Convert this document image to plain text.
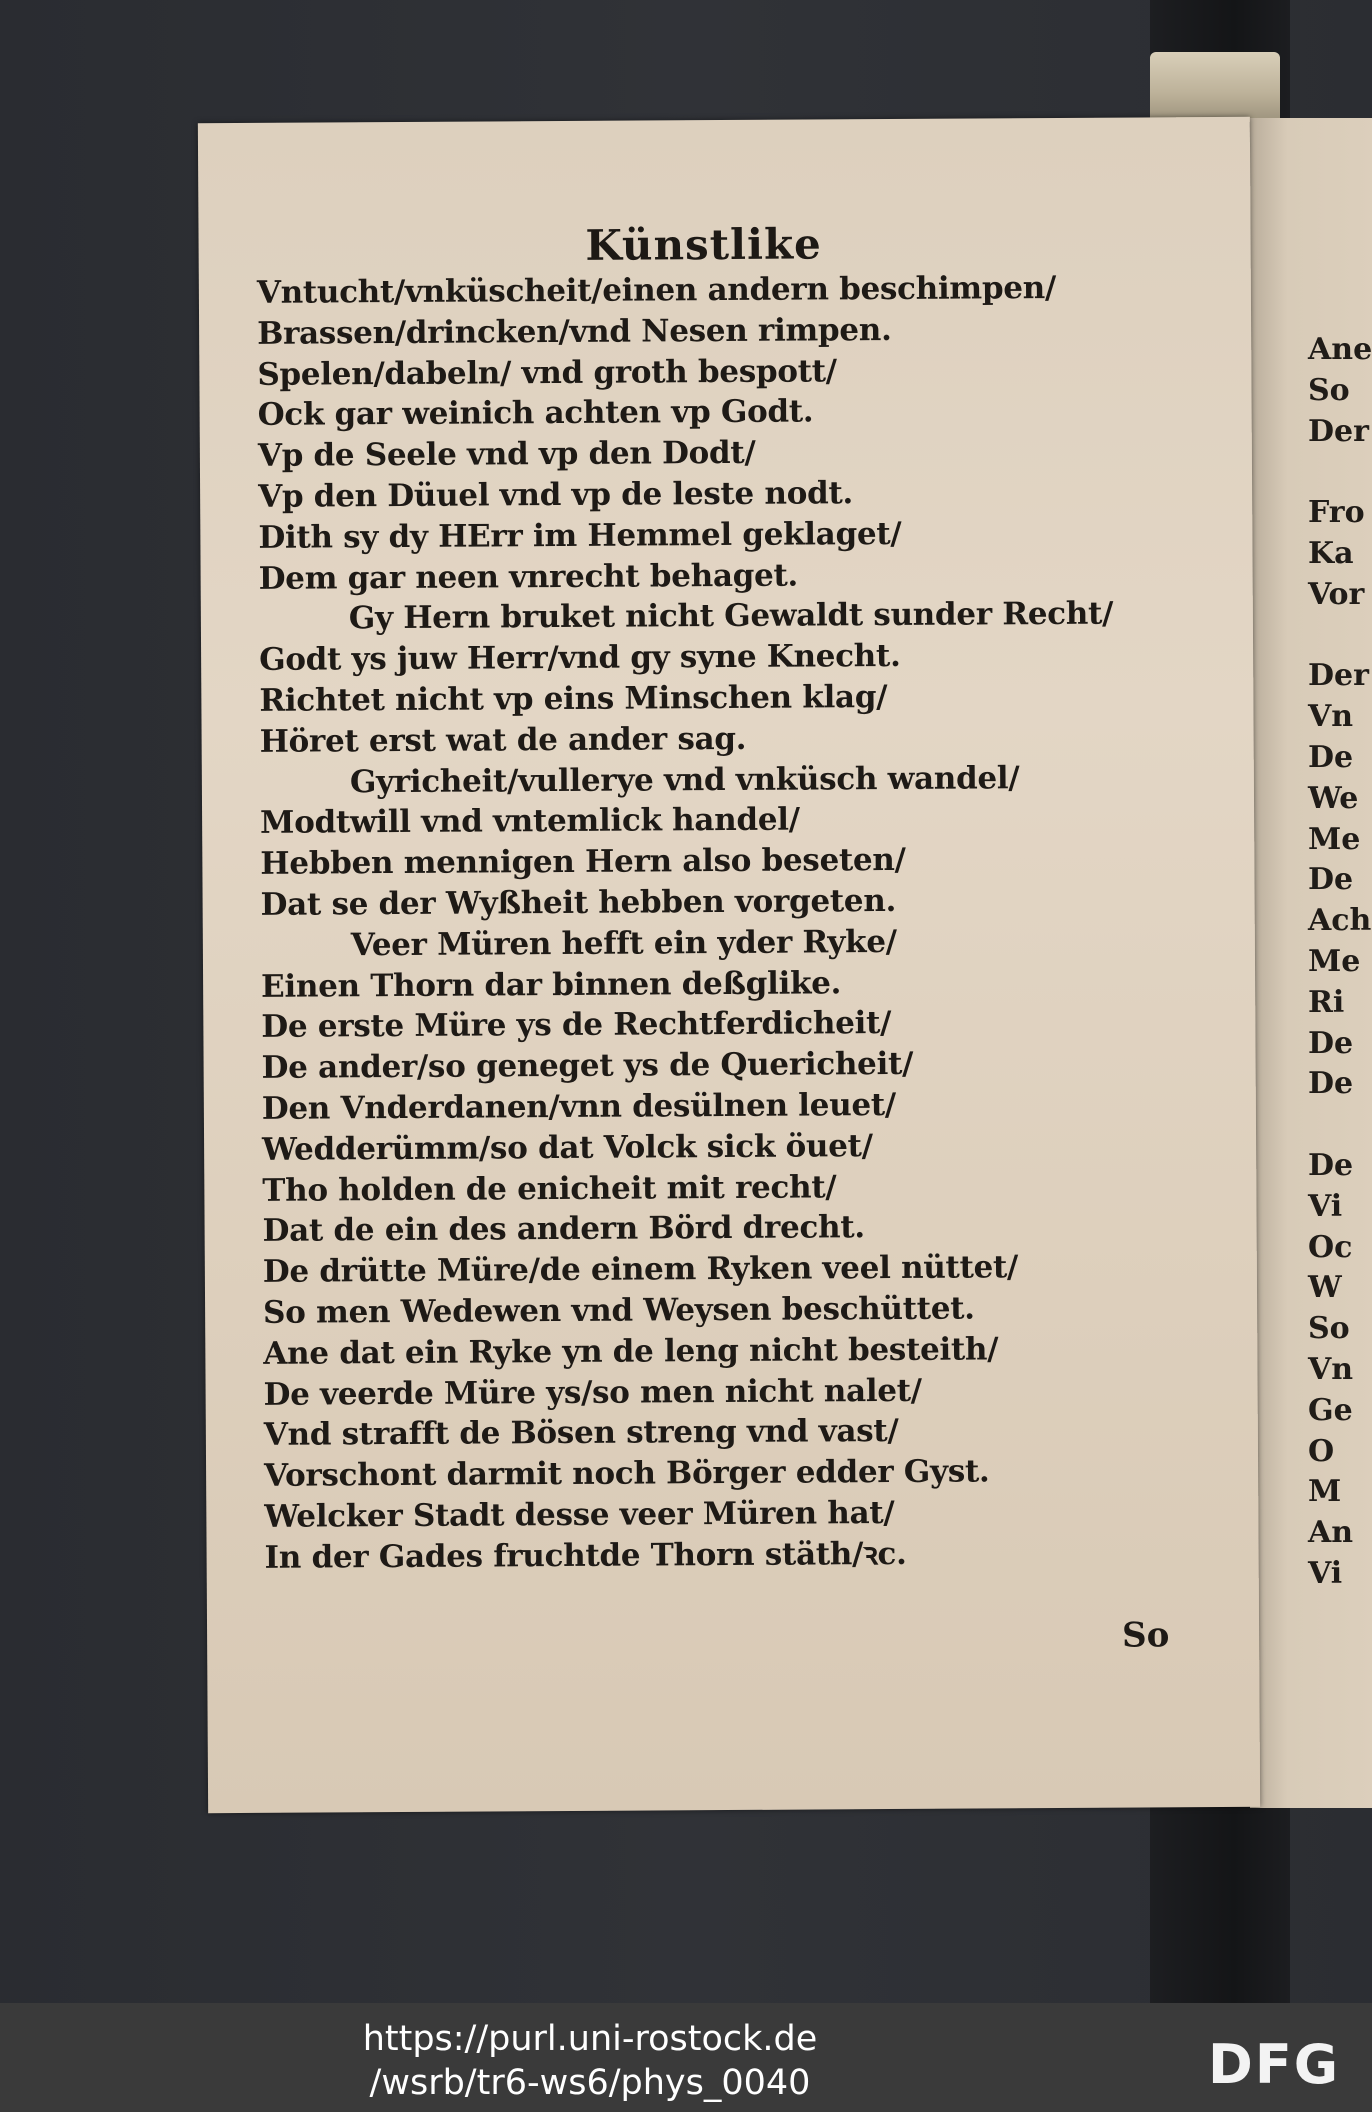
Ane
So
Der
Fro
Ka
Vor
Der
Vn
De
We
Me
De
Ach
Me
Ri
De
De
De
Vi
Oc
W
So
Vn
Ge
O
M
An
Vi
Künstlike
Vntucht/vnküscheit/einen andern beschimpen/
Brassen/drincken/vnd Nesen rimpen.
Spelen/dabeln/ vnd groth bespott/
Ock gar weinich achten vp Godt.
Vp de Seele vnd vp den Dodt/
Vp den Düuel vnd vp de leste nodt.
Dith sy dy HErr im Hemmel geklaget/
Dem gar neen vnrecht behaget.
Gy Hern bruket nicht Gewaldt sunder Recht/
Godt ys juw Herr/vnd gy syne Knecht.
Richtet nicht vp eins Minschen klag/
Höret erst wat de ander sag.
Gyricheit/vullerye vnd vnküsch wandel/
Modtwill vnd vntemlick handel/
Hebben mennigen Hern also beseten/
Dat se der Wyßheit hebben vorgeten.
Veer Müren hefft ein yder Ryke/
Einen Thorn dar binnen deßglike.
De erste Müre ys de Rechtferdicheit/
De ander/so geneget ys de Quericheit/
Den Vnderdanen/vnn desülnen leuet/
Wedderümm/so dat Volck sick öuet/
Tho holden de enicheit mit recht/
Dat de ein des andern Börd drecht.
De drütte Müre/de einem Ryken veel nüttet/
So men Wedewen vnd Weysen beschüttet.
Ane dat ein Ryke yn de leng nicht besteith/
De veerde Müre ys/so men nicht nalet/
Vnd strafft de Bösen streng vnd vast/
Vorschont darmit noch Börger edder Gyst.
Welcker Stadt desse veer Müren hat/
In der Gades fruchtde Thorn stäth/ꝛc.
So
https://purl.uni-rostock.de
/wsrb/tr6-ws6/phys_0040	DFG
